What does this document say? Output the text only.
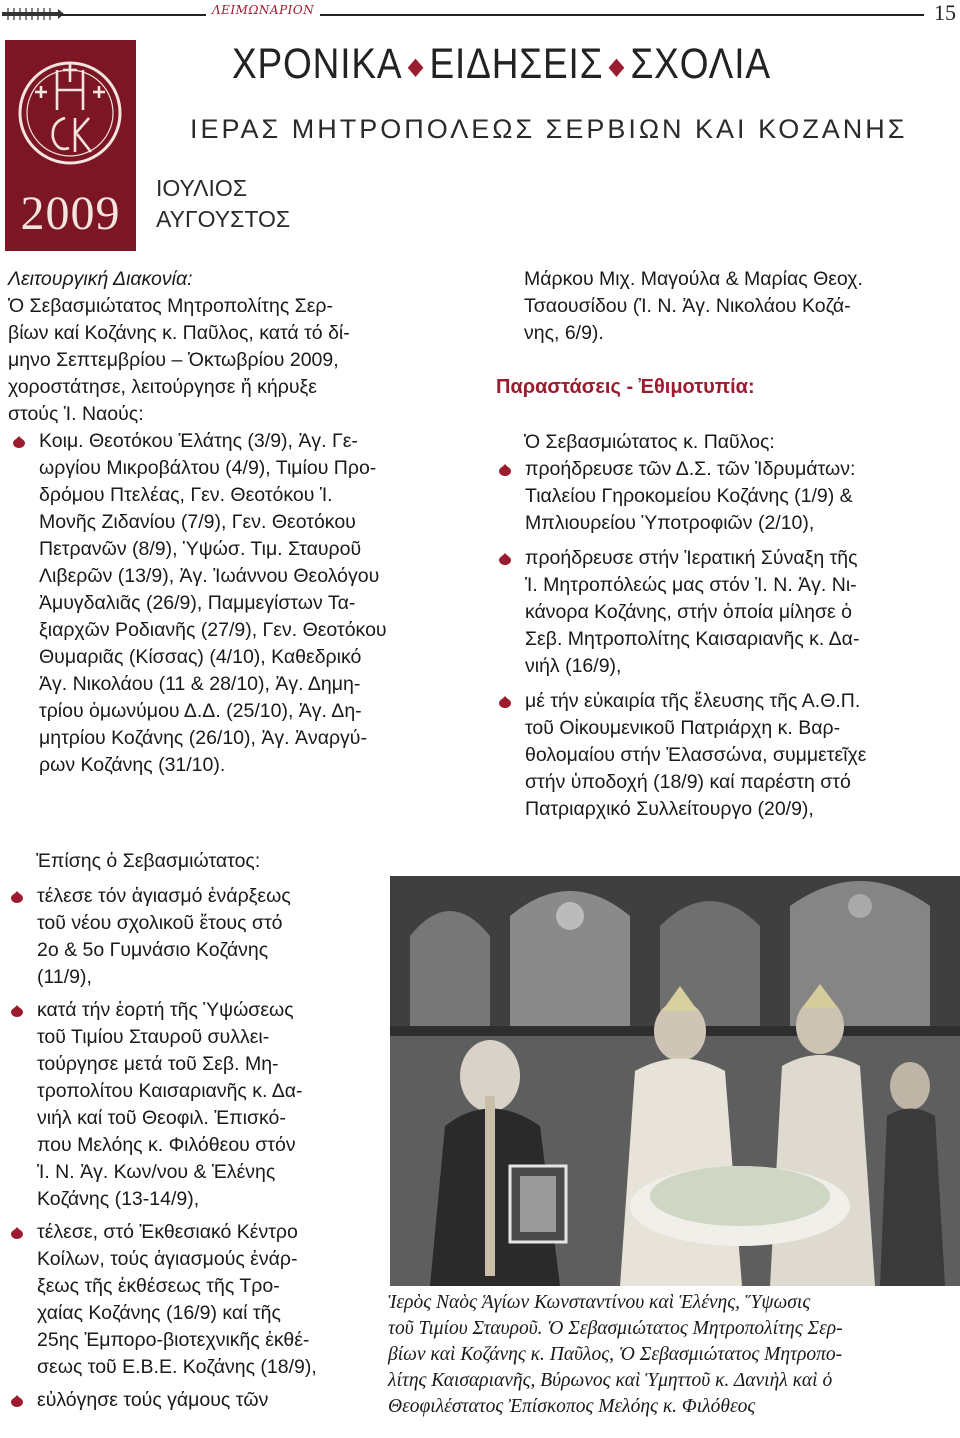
ΛΕΙΜΩΝΑΡΙΟΝ	15
2009	ΙΟΥΛΙΟΣ
ΑΥΓΟΥΣΤΟΣ
ΧΡΟΝΙΚΑ ◆ ΕΙΔΗΣΕΙΣ ◆ ΣΧΟΛΙΑ
ΙΕΡΑΣ ΜΗΤΡΟΠΟΛΕΩΣ ΣΕΡΒΙΩΝ ΚΑΙ ΚΟΖΑΝΗΣ
Λειτουργική Διακονία:
Ὁ Σεβασμιώτατος Μητροπολίτης Σερ-
βίων καί Κοζάνης κ. Παῦλος, κατά τό δί-
μηνο Σεπτεμβρίου – Ὀκτωβρίου 2009,
χοροστάτησε, λειτούργησε ἤ κήρυξε
στούς Ἱ. Ναούς:
Κοιμ. Θεοτόκου Ἐλάτης (3/9), Ἁγ. Γε-
ωργίου Μικροβάλτου (4/9), Τιμίου Προ-
δρόμου Πτελέας, Γεν. Θεοτόκου Ἱ.
Μονῆς Ζιδανίου (7/9), Γεν. Θεοτόκου
Πετρανῶν (8/9), Ὑψώσ. Τιμ. Σταυροῦ
Λιβερῶν (13/9), Ἁγ. Ἰωάννου Θεολόγου
Ἀμυγδαλιᾶς (26/9), Παμμεγίστων Τα-
ξιαρχῶν Ροδιανῆς (27/9), Γεν. Θεοτόκου
Θυμαριᾶς (Κίσσας) (4/10), Καθεδρικό
Ἁγ. Νικολάου (11 & 28/10), Ἁγ. Δημη-
τρίου ὁμωνύμου Δ.Δ. (25/10), Ἁγ. Δη-
μητρίου Κοζάνης (26/10), Ἁγ. Ἀναργύ-
ρων Κοζάνης (31/10).
Ἐπίσης ὁ Σεβασμιώτατος:
τέλεσε τόν ἁγιασμό ἐνάρξεως
τοῦ νέου σχολικοῦ ἔτους στό
2ο & 5ο Γυμνάσιο Κοζάνης
(11/9),
κατά τήν ἑορτή τῆς Ὑψώσεως
τοῦ Τιμίου Σταυροῦ συλλει-
τούργησε μετά τοῦ Σεβ. Μη-
τροπολίτου Καισαριανῆς κ. Δα-
νιήλ καί τοῦ Θεοφιλ. Ἐπισκό-
που Μελόης κ. Φιλόθεου στόν
Ἱ. Ν. Ἁγ. Κων/νου & Ἑλένης
Κοζάνης (13-14/9),
τέλεσε, στό Ἐκθεσιακό Κέντρο
Κοίλων, τούς ἁγιασμούς ἐνάρ-
ξεως τῆς ἐκθέσεως τῆς Τρο-
χαίας Κοζάνης (16/9) καί τῆς
25ης Ἐμπορο-βιοτεχνικῆς ἐκθέ-
σεως τοῦ Ε.Β.Ε. Κοζάνης (18/9),
εὐλόγησε τούς γάμους τῶν
Μάρκου Μιχ. Μαγούλα & Μαρίας Θεοχ.
Τσαουσίδου (Ἱ. Ν. Ἁγ. Νικολάου Κοζά-
νης, 6/9).
Παραστάσεις - Ἐθιμοτυπία:
Ὁ Σεβασμιώτατος κ. Παῦλος:
προήδρευσε τῶν Δ.Σ. τῶν Ἱδρυμάτων:
Τιαλείου Γηροκομείου Κοζάνης (1/9) &
Μπλιουρείου Ὑποτροφιῶν (2/10),
προήδρευσε στήν Ἱερατική Σύναξη τῆς
Ἱ. Μητροπόλεώς μας στόν Ἱ. Ν. Ἁγ. Νι-
κάνορα Κοζάνης, στήν ὁποία μίλησε ὁ
Σεβ. Μητροπολίτης Καισαριανῆς κ. Δα-
νιήλ (16/9),
μέ τήν εὐκαιρία τῆς ἔλευσης τῆς Α.Θ.Π.
τοῦ Οἰκουμενικοῦ Πατριάρχη κ. Βαρ-
θολομαίου στήν Ἐλασσώνα, συμμετεῖχε
στήν ὑποδοχή (18/9) καί παρέστη στό
Πατριαρχικό Συλλείτουργο (20/9),
Ἱερὸς Ναὸς Ἁγίων Κωνσταντίνου καὶ Ἑλένης, Ὕψωσις
τοῦ Τιμίου Σταυροῦ. Ὁ Σεβασμιώτατος Μητροπολίτης Σερ-
βίων καὶ Κοζάνης κ. Παῦλος, Ὁ Σεβασμιώτατος Μητροπο-
λίτης Καισαριανῆς, Βύρωνος καὶ Ὑμηττοῦ κ. Δανιὴλ καὶ ὁ
Θεοφιλέστατος Ἐπίσκοπος Μελόης κ. Φιλόθεος
